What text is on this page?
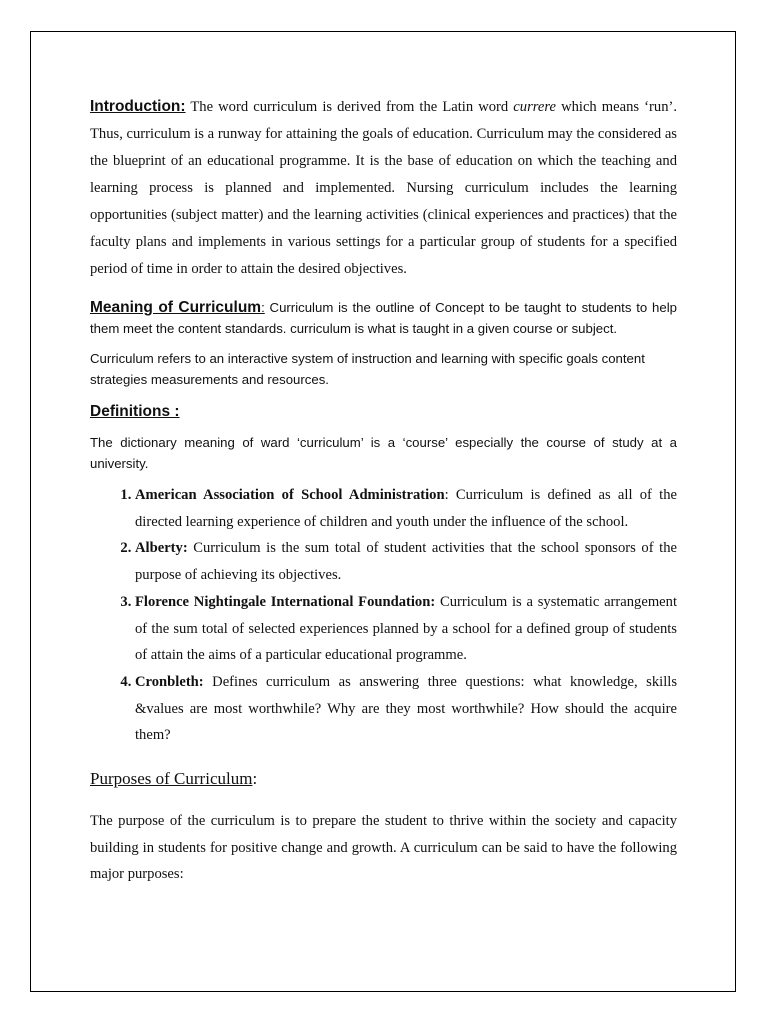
Introduction: The word curriculum is derived from the Latin word currere which means ‘run’. Thus, curriculum is a runway for attaining the goals of education. Curriculum may the considered as the blueprint of an educational programme. It is the base of education on which the teaching and learning process is planned and implemented. Nursing curriculum includes the learning opportunities (subject matter) and the learning activities (clinical experiences and practices) that the faculty plans and implements in various settings for a particular group of students for a specified period of time in order to attain the desired objectives.

Meaning of Curriculum: Curriculum is the outline of Concept to be taught to students to help them meet the content standards. curriculum is what is taught in a given course or subject.

Curriculum refers to an interactive system of instruction and learning with specific goals content strategies measurements and resources.

Definitions :

The dictionary meaning of ward ‘curriculum’ is a ‘course’ especially the course of study at a university.

1. American Association of School Administration: Curriculum is defined as all of the directed learning experience of children and youth under the influence of the school.
2. Alberty: Curriculum is the sum total of student activities that the school sponsors of the purpose of achieving its objectives.
3. Florence Nightingale International Foundation: Curriculum is a systematic arrangement of the sum total of selected experiences planned by a school for a defined group of students of attain the aims of a particular educational programme.
4. Cronbleth: Defines curriculum as answering three questions: what knowledge, skills &values are most worthwhile? Why are they most worthwhile? How should the acquire them?

Purposes of Curriculum:

The purpose of the curriculum is to prepare the student to thrive within the society and capacity building in students for positive change and growth. A curriculum can be said to have the following major purposes:
